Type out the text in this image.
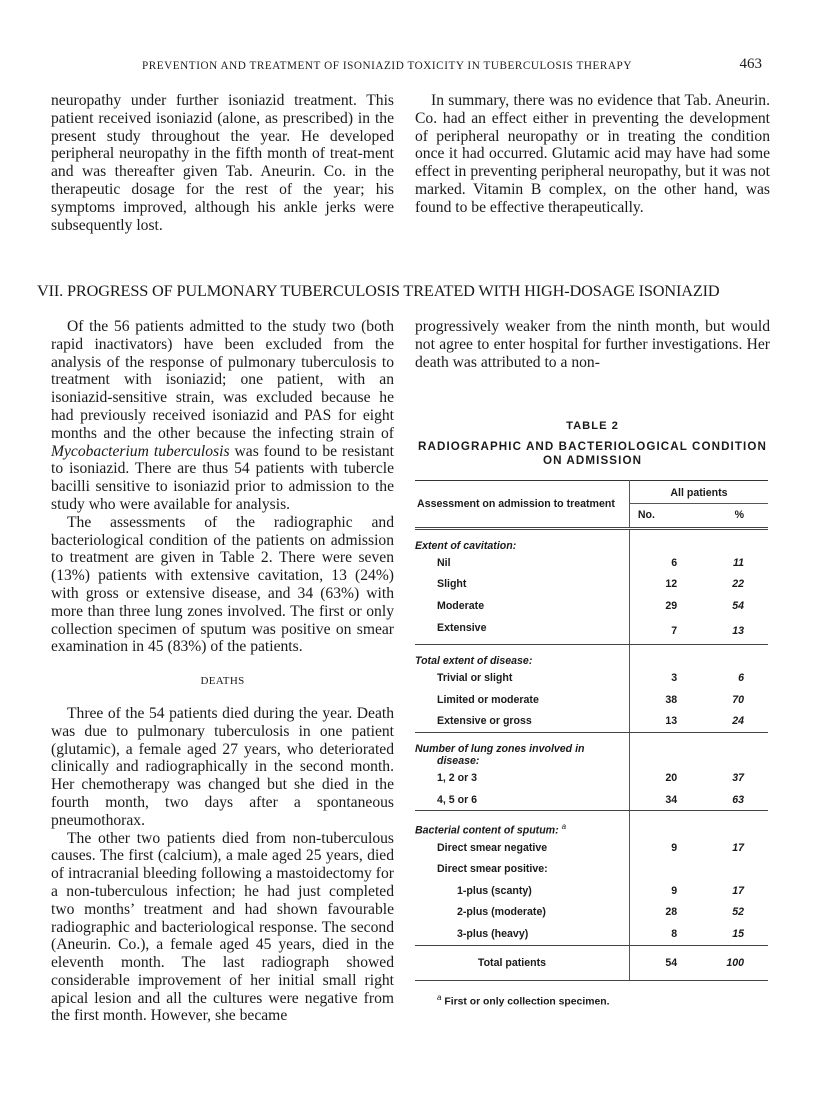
PREVENTION AND TREATMENT OF ISONIAZID TOXICITY IN TUBERCULOSIS THERAPY	463

neuropathy under further isoniazid treatment. This patient received isoniazid (alone, as prescribed) in the present study throughout the year. He developed peripheral neuropathy in the fifth month of treat-ment and was thereafter given Tab. Aneurin. Co. in the therapeutic dosage for the rest of the year; his symptoms improved, although his ankle jerks were subsequently lost.

In summary, there was no evidence that Tab. Aneurin. Co. had an effect either in preventing the development of peripheral neuropathy or in treating the condition once it had occurred. Glutamic acid may have had some effect in preventing peripheral neuropathy, but it was not marked. Vitamin B complex, on the other hand, was found to be effective therapeutically.

VII. PROGRESS OF PULMONARY TUBERCULOSIS TREATED WITH HIGH-DOSAGE ISONIAZID

Of the 56 patients admitted to the study two (both rapid inactivators) have been excluded from the analysis of the response of pulmonary tuberculosis to treatment with isoniazid; one patient, with an isoniazid-sensitive strain, was excluded because he had previously received isoniazid and PAS for eight months and the other because the infecting strain of Mycobacterium tuberculosis was found to be resistant to isoniazid. There are thus 54 patients with tubercle bacilli sensitive to isoniazid prior to admission to the study who were available for analysis.

The assessments of the radiographic and bacteriological condition of the patients on admission to treatment are given in Table 2. There were seven (13%) patients with extensive cavitation, 13 (24%) with gross or extensive disease, and 34 (63%) with more than three lung zones involved. The first or only collection specimen of sputum was positive on smear examination in 45 (83%) of the patients.

DEATHS

Three of the 54 patients died during the year. Death was due to pulmonary tuberculosis in one patient (glutamic), a female aged 27 years, who deteriorated clinically and radiographically in the second month. Her chemotherapy was changed but she died in the fourth month, two days after a spontaneous pneumothorax.

The other two patients died from non-tuberculous causes. The first (calcium), a male aged 25 years, died of intracranial bleeding following a mastoidectomy for a non-tuberculous infection; he had just completed two months’ treatment and had shown favourable radiographic and bacteriological response. The second (Aneurin. Co.), a female aged 45 years, died in the eleventh month. The last radiograph showed considerable improvement of her initial small right apical lesion and all the cultures were negative from the first month. However, she became

progressively weaker from the ninth month, but would not agree to enter hospital for further investigations. Her death was attributed to a non-

TABLE 2
RADIOGRAPHIC AND BACTERIOLOGICAL CONDITION ON ADMISSION
Assessment on admission to treatment	All patients	
	No.	%
Extent of cavitation:		
Nil	6	11
Slight	12	22
Moderate	29	54
Extensive	7	13
Total extent of disease:		
Trivial or slight	3	6
Limited or moderate	38	70
Extensive or gross	13	24
Number of lung zones involved in
disease:		
1, 2 or 3	20	37
4, 5 or 6	34	63
Bacterial content of sputum: $^a$		
Direct smear negative	9	17
Direct smear positive:		
1-plus (scanty)	9	17
2-plus (moderate)	28	52
3-plus (heavy)	8	15
Total patients	54	100
$^a$ First or only collection specimen.
